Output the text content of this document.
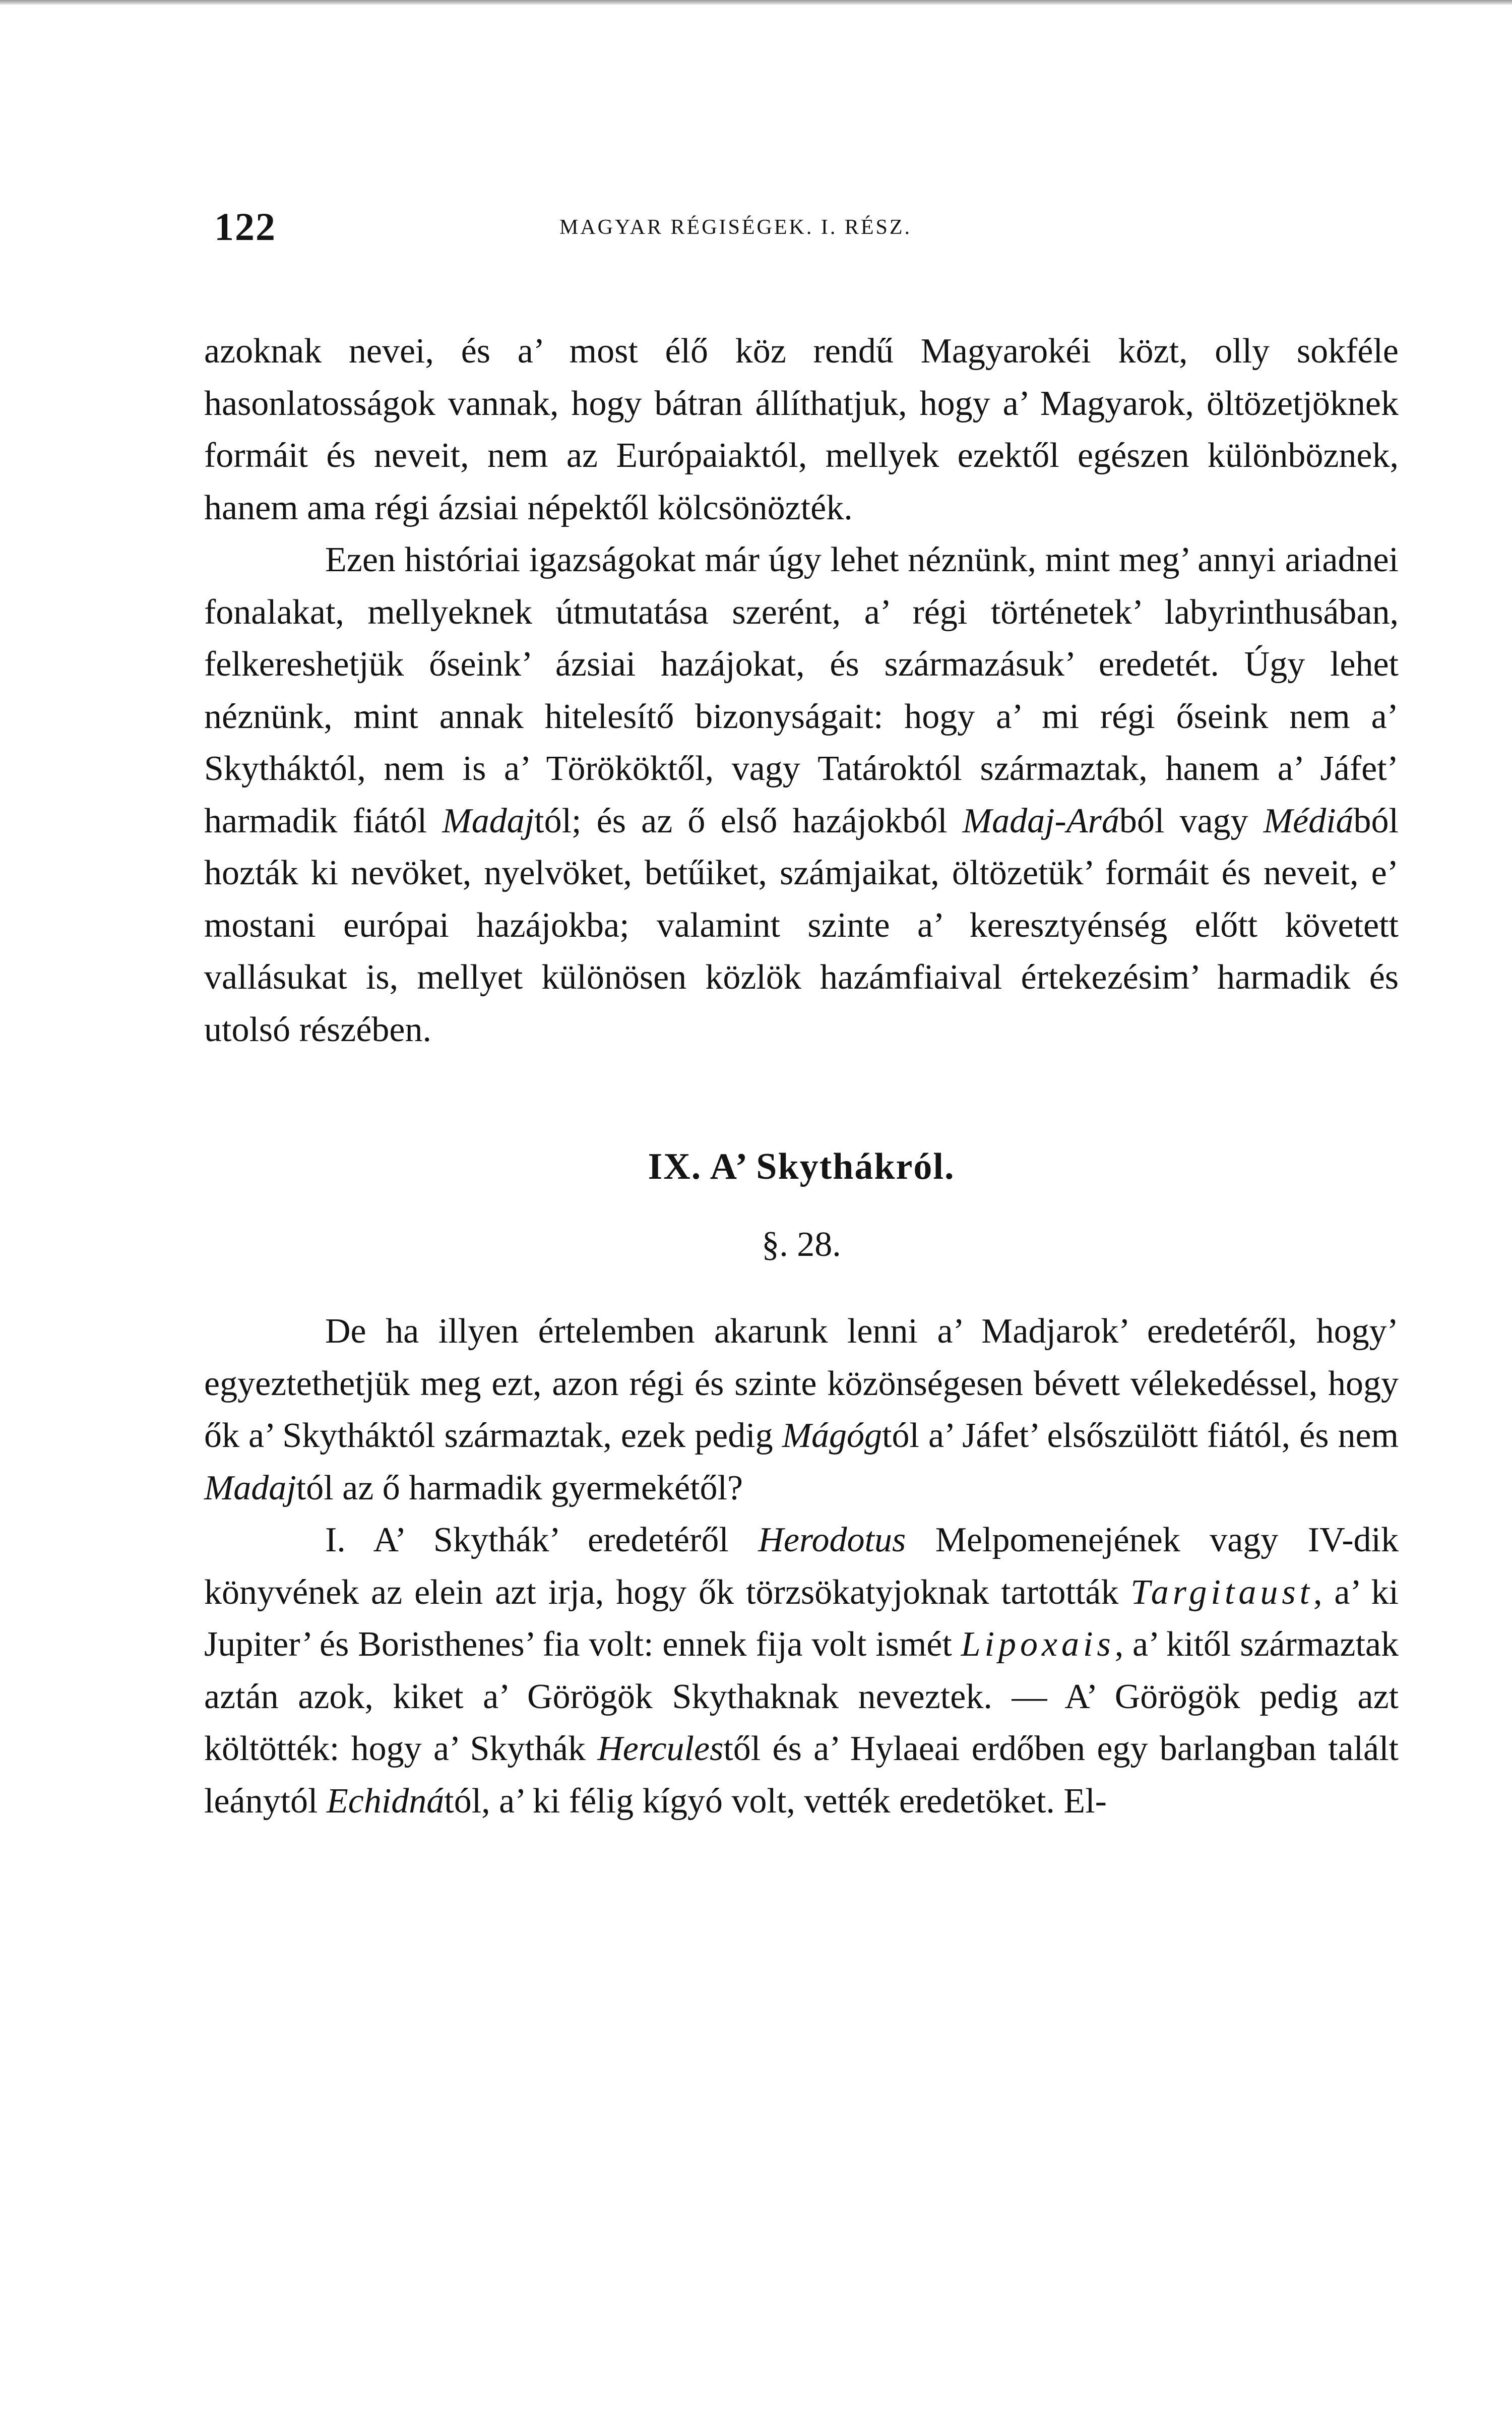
122	MAGYAR RÉGISÉGEK. I. RÉSZ.

azoknak nevei, és a’ most élő köz rendű Magyarokéi közt, olly sokféle hasonlatosságok vannak, hogy bátran állíthatjuk, hogy a’ Magyarok, öltözetjöknek formáit és neveit, nem az Európaiaktól, mellyek ezektől egészen különböznek, hanem ama régi ázsiai népektől kölcsönözték.

Ezen históriai igazságokat már úgy lehet néznünk, mint meg’ annyi ariadnei fonalakat, mellyeknek útmutatása szerént, a’ régi történetek’ labyrinthusában, felkereshetjük őseink’ ázsiai hazájokat, és származásuk’ eredetét. Úgy lehet néznünk, mint annak hitelesítő bizonyságait: hogy a’ mi régi őseink nem a’ Skytháktól, nem is a’ Törököktől, vagy Tatároktól származtak, hanem a’ Jáfet’ harmadik fiától Madajtól; és az ő első hazájokból Madaj-Arából vagy Médiából hozták ki nevöket, nyelvöket, betűiket, számjaikat, öltözetük’ formáit és neveit, e’ mostani európai hazájokba; valamint szinte a’ keresztyénség előtt követett vallásukat is, mellyet különösen közlök hazámfiaival értekezésim’ harmadik és utolsó részében.

IX. A’ Skythákról.
§. 28.

De ha illyen értelemben akarunk lenni a’ Madjarok’ eredetéről, hogy’ egyeztethetjük meg ezt, azon régi és szinte közönségesen bévett vélekedéssel, hogy ők a’ Skytháktól származtak, ezek pedig Mágógtól a’ Jáfet’ elsőszülött fiától, és nem Madajtól az ő harmadik gyermekétől?

I. A’ Skythák’ eredetéről Herodotus Melpomenejének vagy IV-dik könyvének az elein azt irja, hogy ők törzsökatyjoknak tartották Targitaust, a’ ki Jupiter’ és Boristhenes’ fia volt: ennek fija volt ismét Lipoxais, a’ kitől származtak aztán azok, kiket a’ Görögök Skythaknak neveztek. — A’ Görögök pedig azt költötték: hogy a’ Skythák Herculestől és a’ Hylaeai erdőben egy barlangban talált leánytól Echidnától, a’ ki félig kígyó volt, vették eredetöket. El-
